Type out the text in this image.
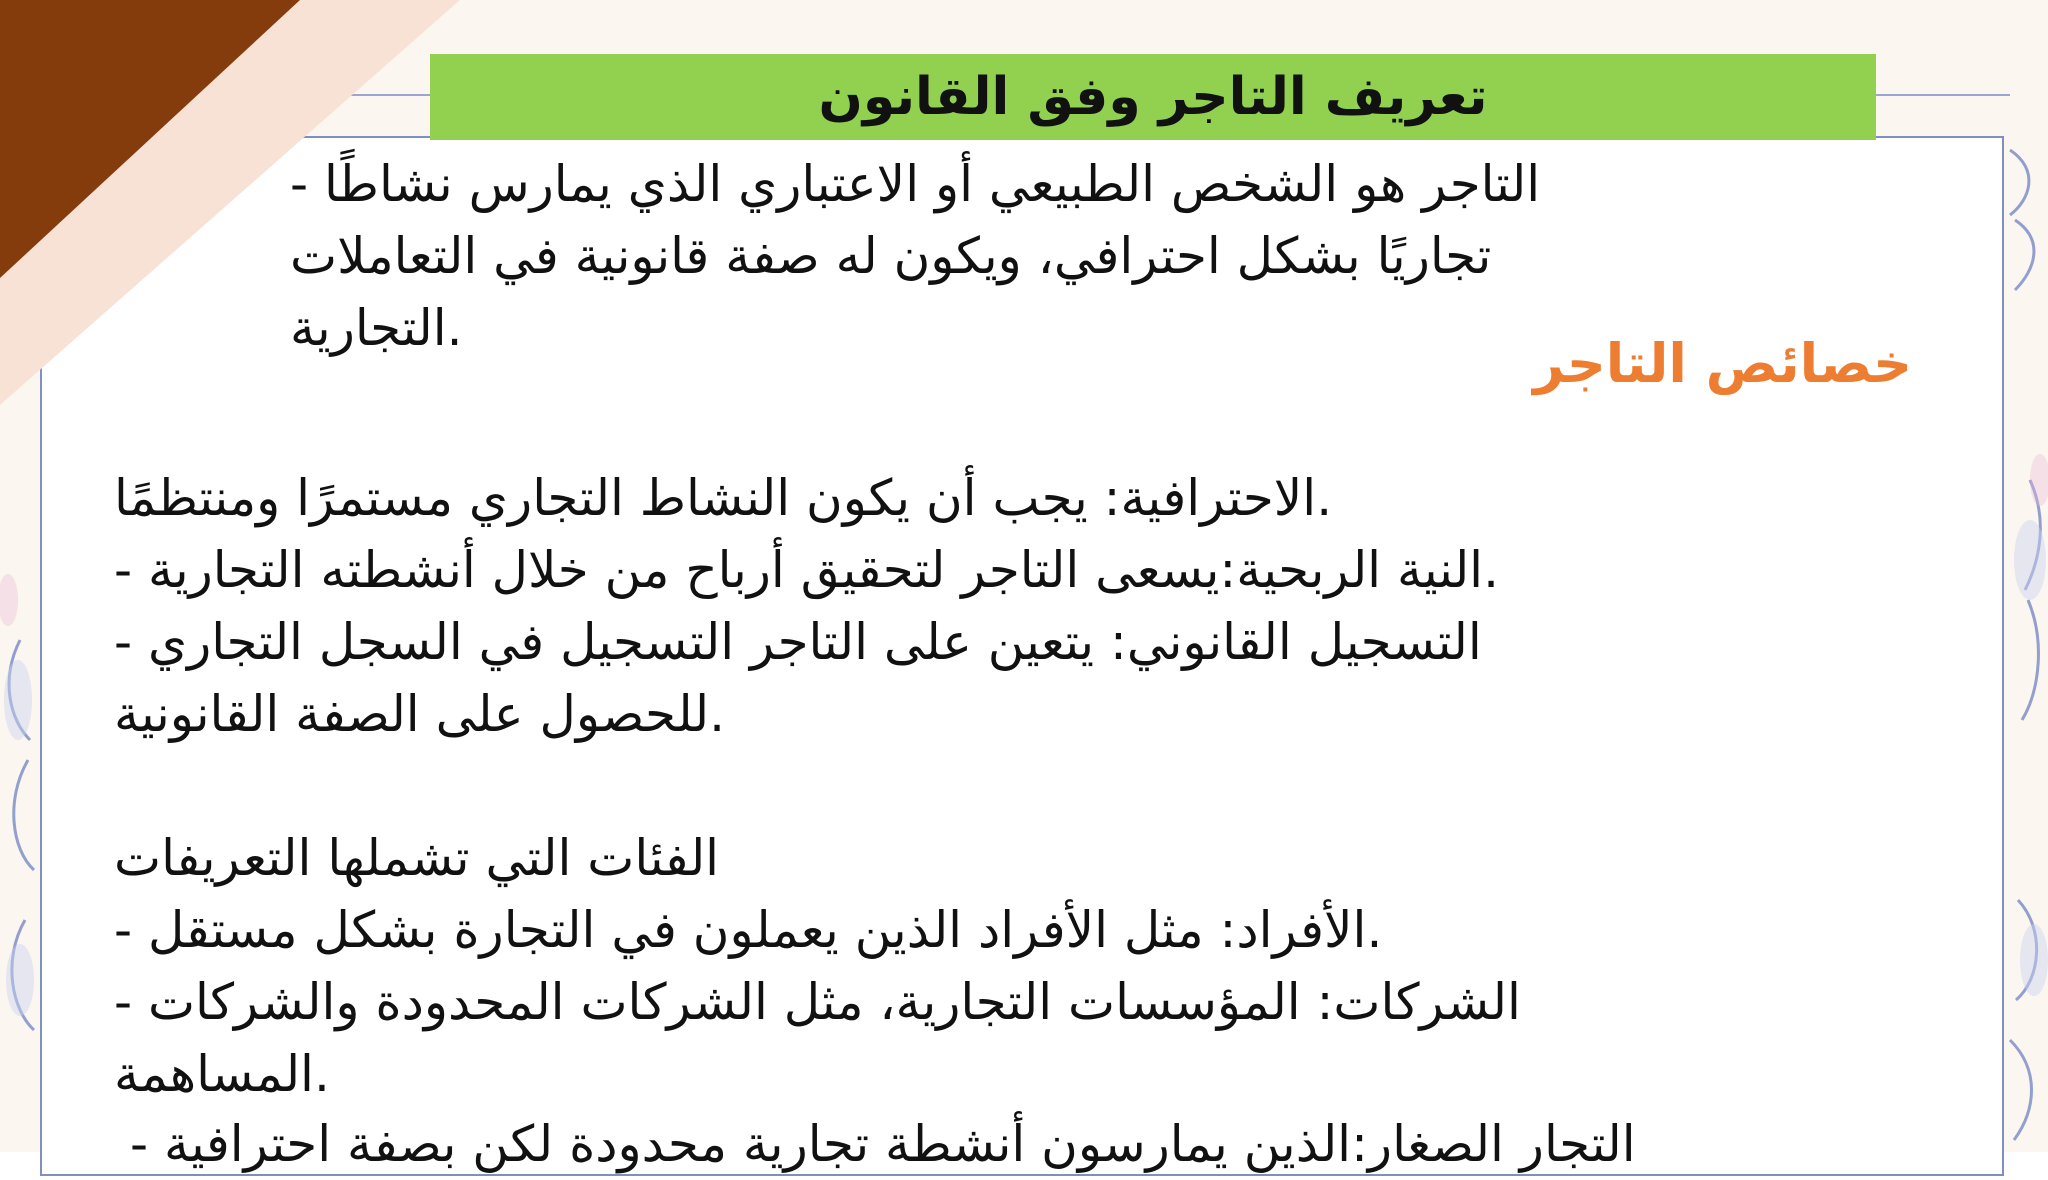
تعريف التاجر وفق القانون
- التاجر هو الشخص الطبيعي أو الاعتباري الذي يمارس نشاطًا
تجاريًا بشكل احترافي، ويكون له صفة قانونية في التعاملات
التجارية.
خصائص التاجر
الاحترافية: يجب أن يكون النشاط التجاري مستمرًا ومنتظمًا.
- النية الربحية:يسعى التاجر لتحقيق أرباح من خلال أنشطته التجارية.
- التسجيل القانوني: يتعين على التاجر التسجيل في السجل التجاري
للحصول على الصفة القانونية.
الفئات التي تشملها التعريفات
- الأفراد: مثل الأفراد الذين يعملون في التجارة بشكل مستقل.
- الشركات: المؤسسات التجارية، مثل الشركات المحدودة والشركات
المساهمة.
- التجار الصغار:الذين يمارسون أنشطة تجارية محدودة لكن بصفة احترافية
